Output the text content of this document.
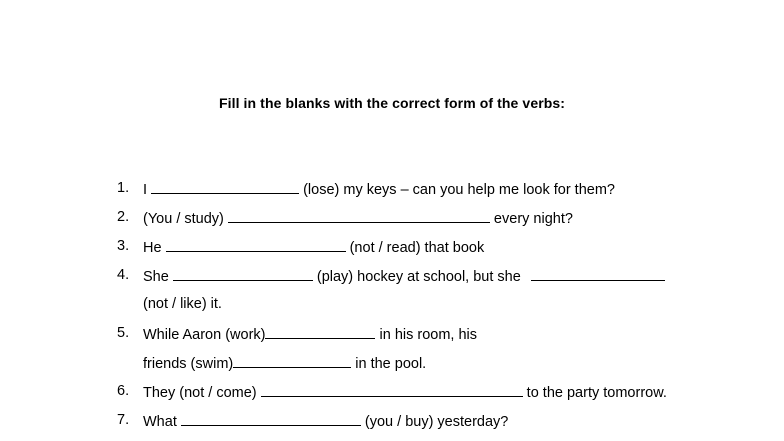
Fill in the blanks with the correct form of the verbs:
1. I	(lose) my keys – can you help me look for them?
2. (You / study)	every night?
3. He	(not / read) that book
4. She	(play) hockey at school, but she
(not / like) it.
5. While Aaron (work)	in his room, his
friends (swim)	in the pool.
6. They (not / come)	to the party tomorrow.
7. What	(you / buy) yesterday?
